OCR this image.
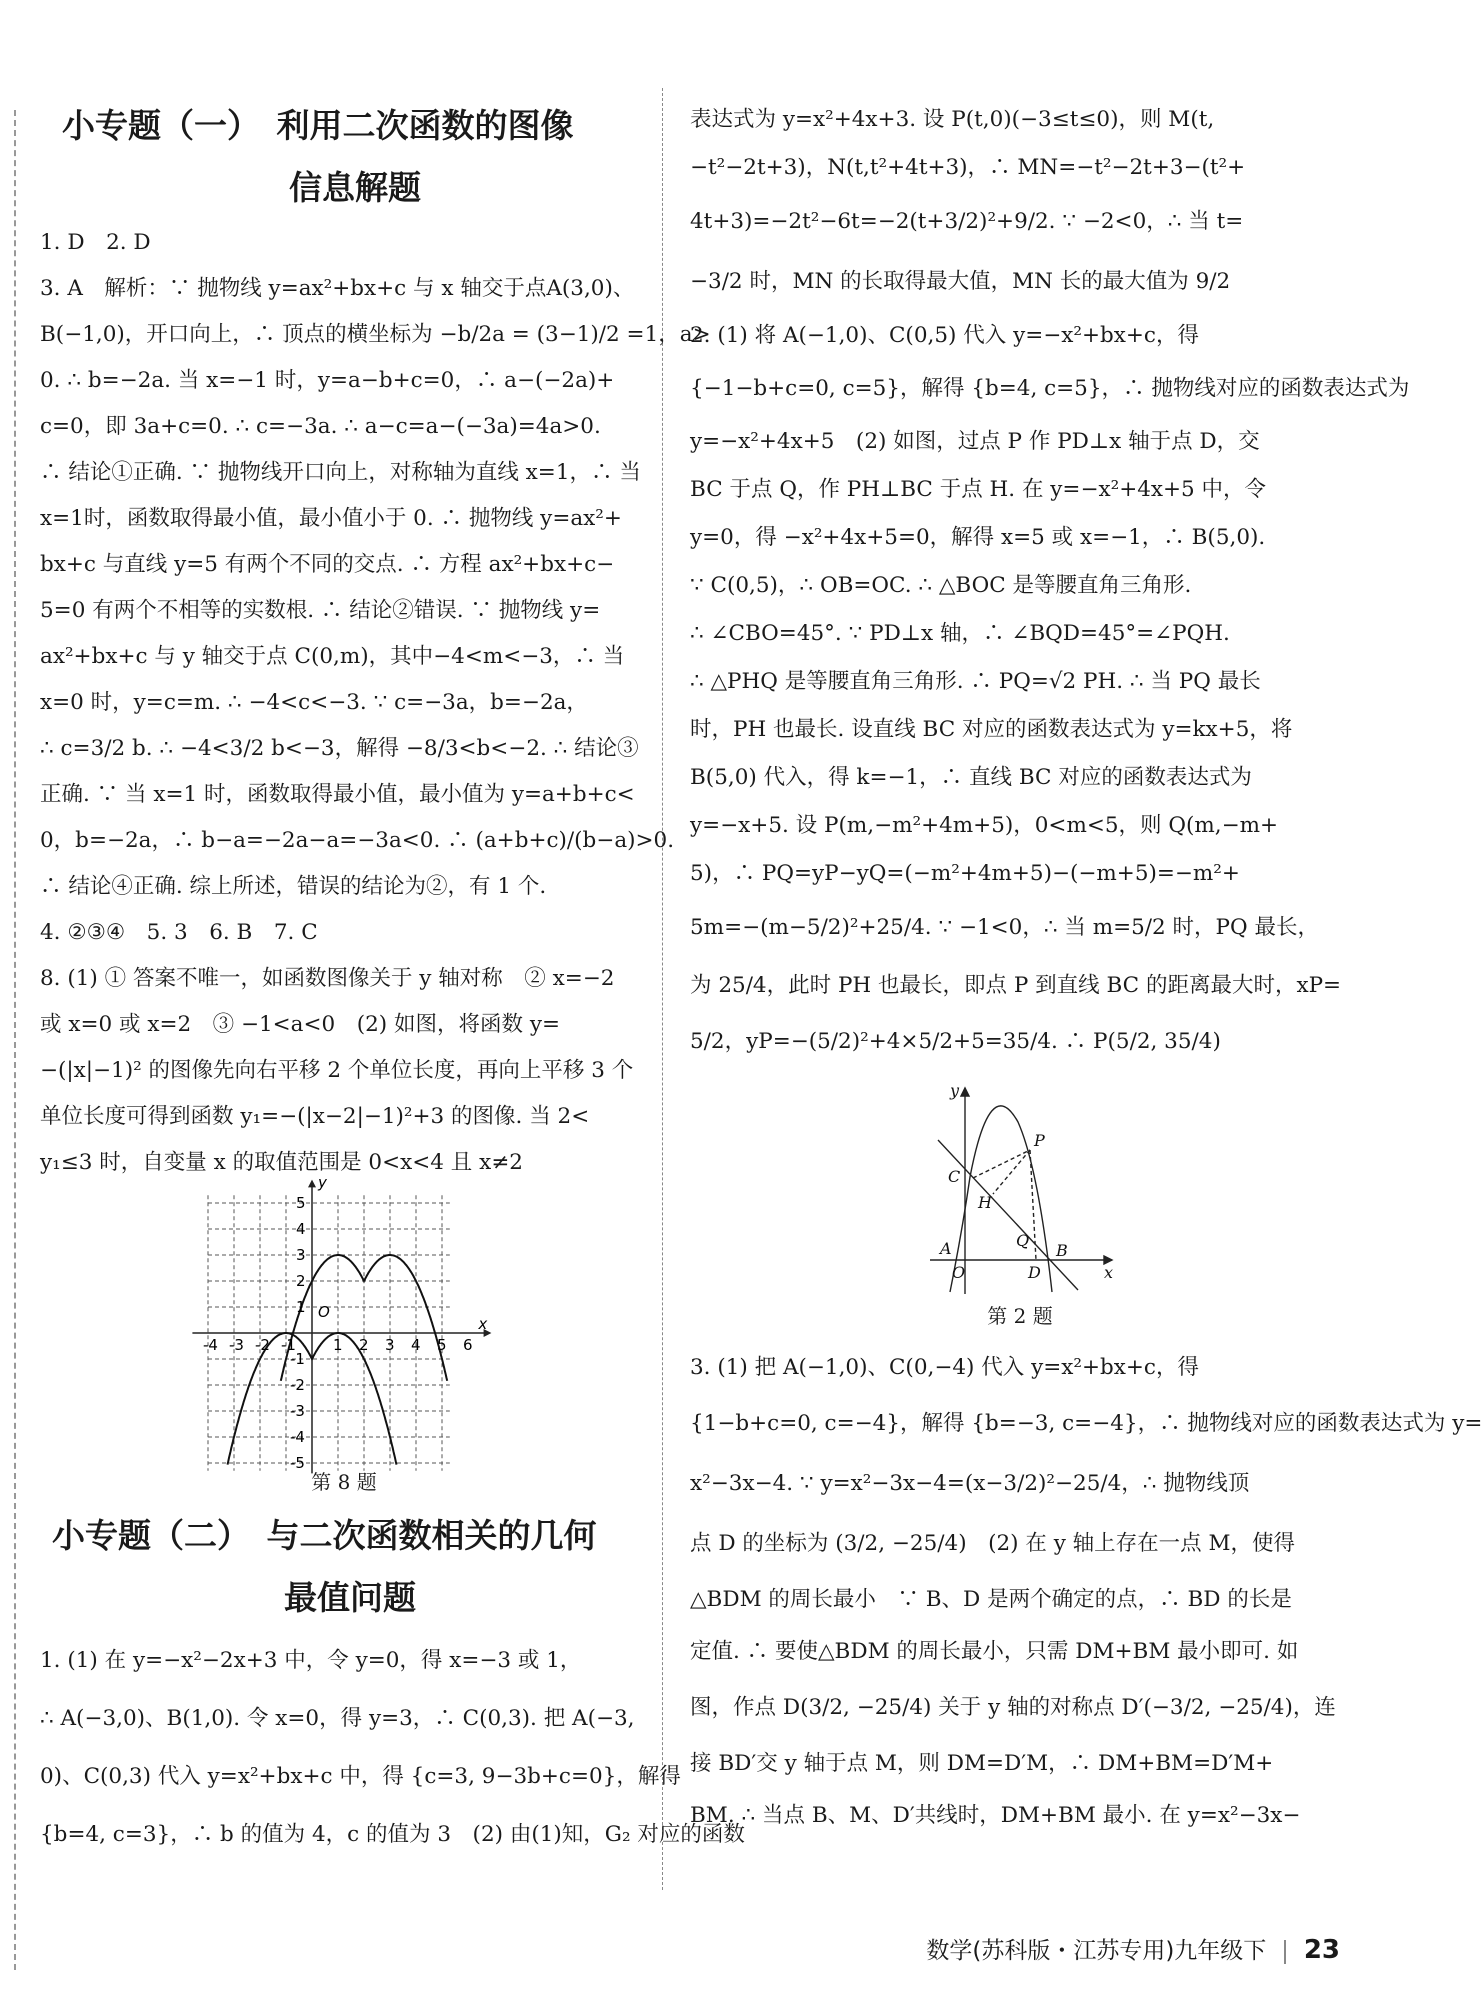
小专题（一）　利用二次函数的图像
信息解题

1. D　2. D

3. A　解析：∵ 抛物线 y=ax²+bx+c 与 x 轴交于点A(3,0)、

B(−1,0)，开口向上，∴ 顶点的横坐标为 −b/2a = (3−1)/2 =1，a>

0. ∴ b=−2a. 当 x=−1 时，y=a−b+c=0，∴ a−(−2a)+

c=0，即 3a+c=0. ∴ c=−3a. ∴ a−c=a−(−3a)=4a>0.

∴ 结论①正确. ∵ 抛物线开口向上，对称轴为直线 x=1，∴ 当

x=1时，函数取得最小值，最小值小于 0. ∴ 抛物线 y=ax²+

bx+c 与直线 y=5 有两个不同的交点. ∴ 方程 ax²+bx+c−

5=0 有两个不相等的实数根. ∴ 结论②错误. ∵ 抛物线 y=

ax²+bx+c 与 y 轴交于点 C(0,m)，其中−4<m<−3，∴ 当

x=0 时，y=c=m. ∴ −4<c<−3. ∵ c=−3a，b=−2a，

∴ c=3/2 b. ∴ −4<3/2 b<−3，解得 −8/3<b<−2. ∴ 结论③

正确. ∵ 当 x=1 时，函数取得最小值，最小值为 y=a+b+c<

0，b=−2a，∴ b−a=−2a−a=−3a<0. ∴ (a+b+c)/(b−a)>0.

∴ 结论④正确. 综上所述，错误的结论为②，有 1 个.

4. ②③④　5. 3　6. B　7. C

8. (1) ① 答案不唯一，如函数图像关于 y 轴对称　② x=−2

或 x=0 或 x=2　③ −1<a<0　(2) 如图，将函数 y=

−(|x|−1)² 的图像先向右平移 2 个单位长度，再向上平移 3 个

单位长度可得到函数 y₁=−(|x−2|−1)²+3 的图像. 当 2<

y₁≤3 时，自变量 x 的取值范围是 0<x<4 且 x≠2

-4 -3 -2 -1 1 2 3 4 5 6
5
4
3
2
1
-1
-2
-3
-4
-5
O
x
y
第 8 题
小专题（二）　与二次函数相关的几何
最值问题

1. (1) 在 y=−x²−2x+3 中，令 y=0，得 x=−3 或 1，

∴ A(−3,0)、B(1,0). 令 x=0，得 y=3，∴ C(0,3). 把 A(−3,

0)、C(0,3) 代入 y=x²+bx+c 中，得 {c=3, 9−3b+c=0}，解得

{b=4, c=3}，∴ b 的值为 4，c 的值为 3　(2) 由(1)知，G₂ 对应的函数

表达式为 y=x²+4x+3. 设 P(t,0)(−3≤t≤0)，则 M(t,

−t²−2t+3)，N(t,t²+4t+3)，∴ MN=−t²−2t+3−(t²+

4t+3)=−2t²−6t=−2(t+3/2)²+9/2. ∵ −2<0，∴ 当 t=

−3/2 时，MN 的长取得最大值，MN 长的最大值为 9/2

2. (1) 将 A(−1,0)、C(0,5) 代入 y=−x²+bx+c，得

{−1−b+c=0, c=5}，解得 {b=4, c=5}，∴ 抛物线对应的函数表达式为

y=−x²+4x+5　(2) 如图，过点 P 作 PD⊥x 轴于点 D，交

BC 于点 Q，作 PH⊥BC 于点 H. 在 y=−x²+4x+5 中，令

y=0，得 −x²+4x+5=0，解得 x=5 或 x=−1，∴ B(5,0).

∵ C(0,5)，∴ OB=OC. ∴ △BOC 是等腰直角三角形.

∴ ∠CBO=45°. ∵ PD⊥x 轴，∴ ∠BQD=45°=∠PQH.

∴ △PHQ 是等腰直角三角形. ∴ PQ=√2 PH. ∴ 当 PQ 最长

时，PH 也最长. 设直线 BC 对应的函数表达式为 y=kx+5，将

B(5,0) 代入，得 k=−1，∴ 直线 BC 对应的函数表达式为

y=−x+5. 设 P(m,−m²+4m+5)，0<m<5，则 Q(m,−m+

5)，∴ PQ=yP−yQ=(−m²+4m+5)−(−m+5)=−m²+

5m=−(m−5/2)²+25/4. ∵ −1<0，∴ 当 m=5/2 时，PQ 最长，

为 25/4，此时 PH 也最长，即点 P 到直线 BC 的距离最大时，xP=

5/2，yP=−(5/2)²+4×5/2+5=35/4. ∴ P(5/2, 35/4)

y
P
C
H
Q
A
O	D
B
x
第 2 题

3. (1) 把 A(−1,0)、C(0,−4) 代入 y=x²+bx+c，得

{1−b+c=0, c=−4}，解得 {b=−3, c=−4}，∴ 抛物线对应的函数表达式为 y=

x²−3x−4. ∵ y=x²−3x−4=(x−3/2)²−25/4，∴ 抛物线顶

点 D 的坐标为 (3/2, −25/4)　(2) 在 y 轴上存在一点 M，使得

△BDM 的周长最小　∵ B、D 是两个确定的点，∴ BD 的长是

定值. ∴ 要使△BDM 的周长最小，只需 DM+BM 最小即可. 如

图，作点 D(3/2, −25/4) 关于 y 轴的对称点 D′(−3/2, −25/4)，连

接 BD′交 y 轴于点 M，则 DM=D′M，∴ DM+BM=D′M+

BM. ∴ 当点 B、M、D′共线时，DM+BM 最小. 在 y=x²−3x−

数学(苏科版・江苏专用)九年级下 23
